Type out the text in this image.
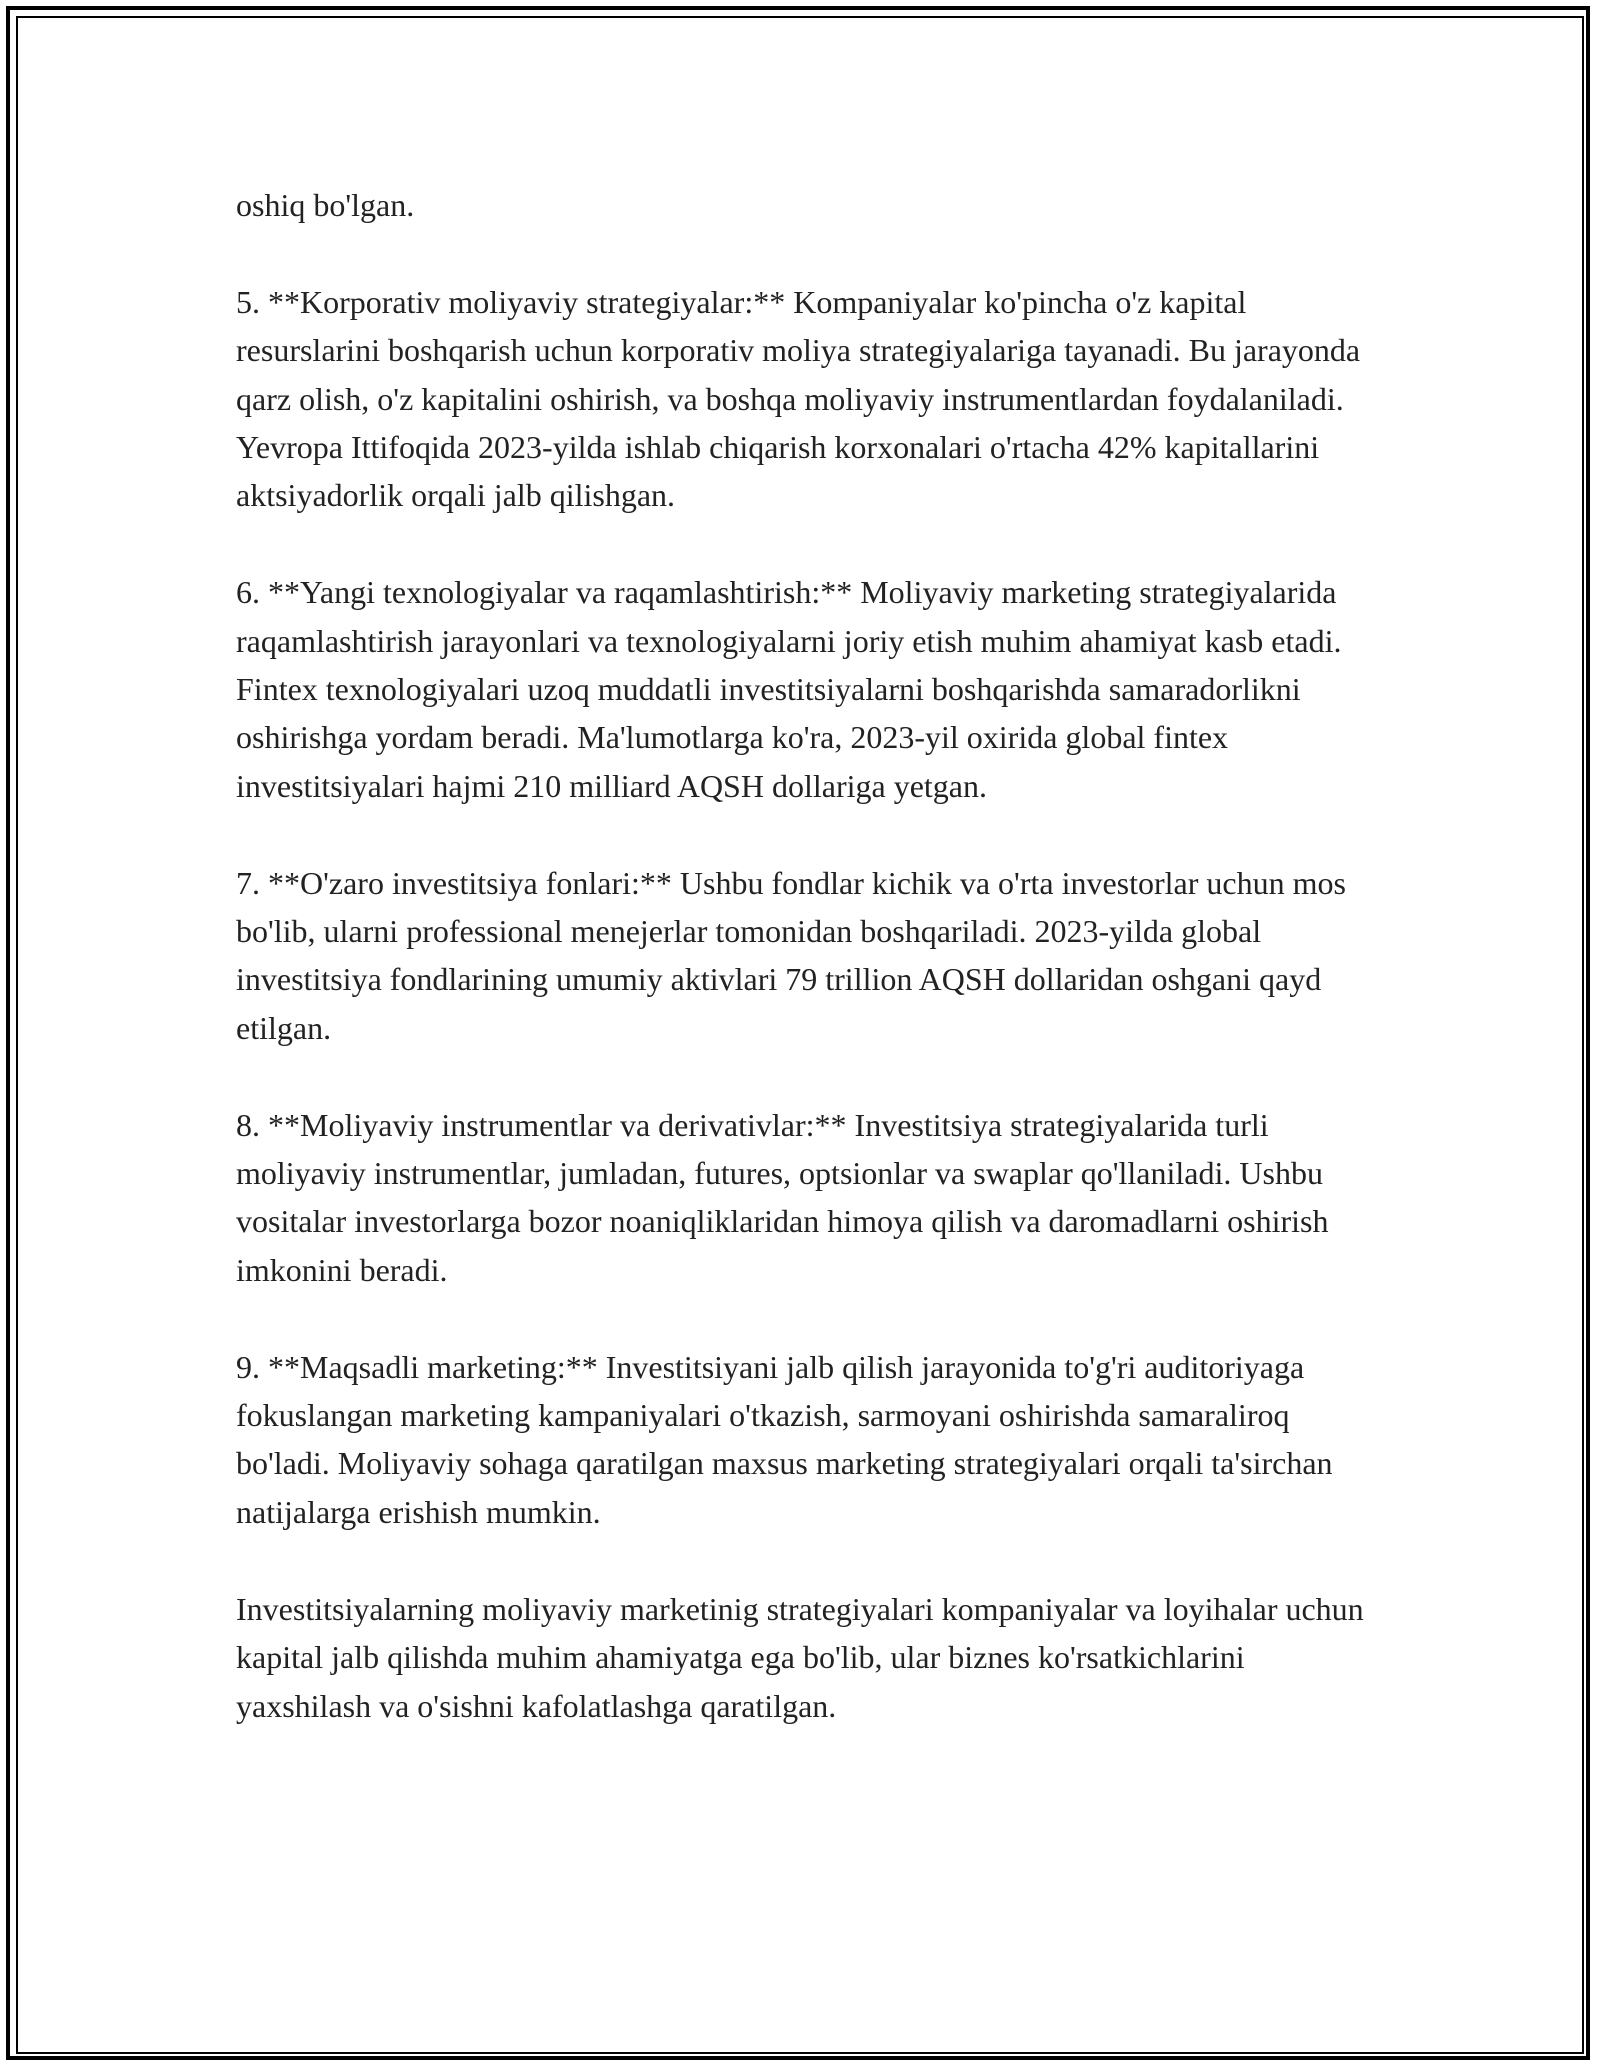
oshiq bo'lgan.

5. **Korporativ moliyaviy strategiyalar:** Kompaniyalar ko'pincha o'z kapital resurslarini boshqarish uchun korporativ moliya strategiyalariga tayanadi. Bu jarayonda qarz olish, o'z kapitalini oshirish, va boshqa moliyaviy instrumentlardan foydalaniladi. Yevropa Ittifoqida 2023-yilda ishlab chiqarish korxonalari o'rtacha 42% kapitallarini aktsiyadorlik orqali jalb qilishgan.

6. **Yangi texnologiyalar va raqamlashtirish:** Moliyaviy marketing strategiyalarida raqamlashtirish jarayonlari va texnologiyalarni joriy etish muhim ahamiyat kasb etadi. Fintex texnologiyalari uzoq muddatli investitsiyalarni boshqarishda samaradorlikni oshirishga yordam beradi. Ma'lumotlarga ko'ra, 2023-yil oxirida global fintex investitsiyalari hajmi 210 milliard AQSH dollariga yetgan.

7. **O'zaro investitsiya fonlari:** Ushbu fondlar kichik va o'rta investorlar uchun mos bo'lib, ularni professional menejerlar tomonidan boshqariladi. 2023-yilda global investitsiya fondlarining umumiy aktivlari 79 trillion AQSH dollaridan oshgani qayd etilgan.

8. **Moliyaviy instrumentlar va derivativlar:** Investitsiya strategiyalarida turli moliyaviy instrumentlar, jumladan, futures, optsionlar va swaplar qo'llaniladi. Ushbu vositalar investorlarga bozor noaniqliklaridan himoya qilish va daromadlarni oshirish imkonini beradi.

9. **Maqsadli marketing:** Investitsiyani jalb qilish jarayonida to'g'ri auditoriyaga fokuslangan marketing kampaniyalari o'tkazish, sarmoyani oshirishda samaraliroq bo'ladi. Moliyaviy sohaga qaratilgan maxsus marketing strategiyalari orqali ta'sirchan natijalarga erishish mumkin.

Investitsiyalarning moliyaviy marketinig strategiyalari kompaniyalar va loyihalar uchun kapital jalb qilishda muhim ahamiyatga ega bo'lib, ular biznes ko'rsatkichlarini yaxshilash va o'sishni kafolatlashga qaratilgan.
